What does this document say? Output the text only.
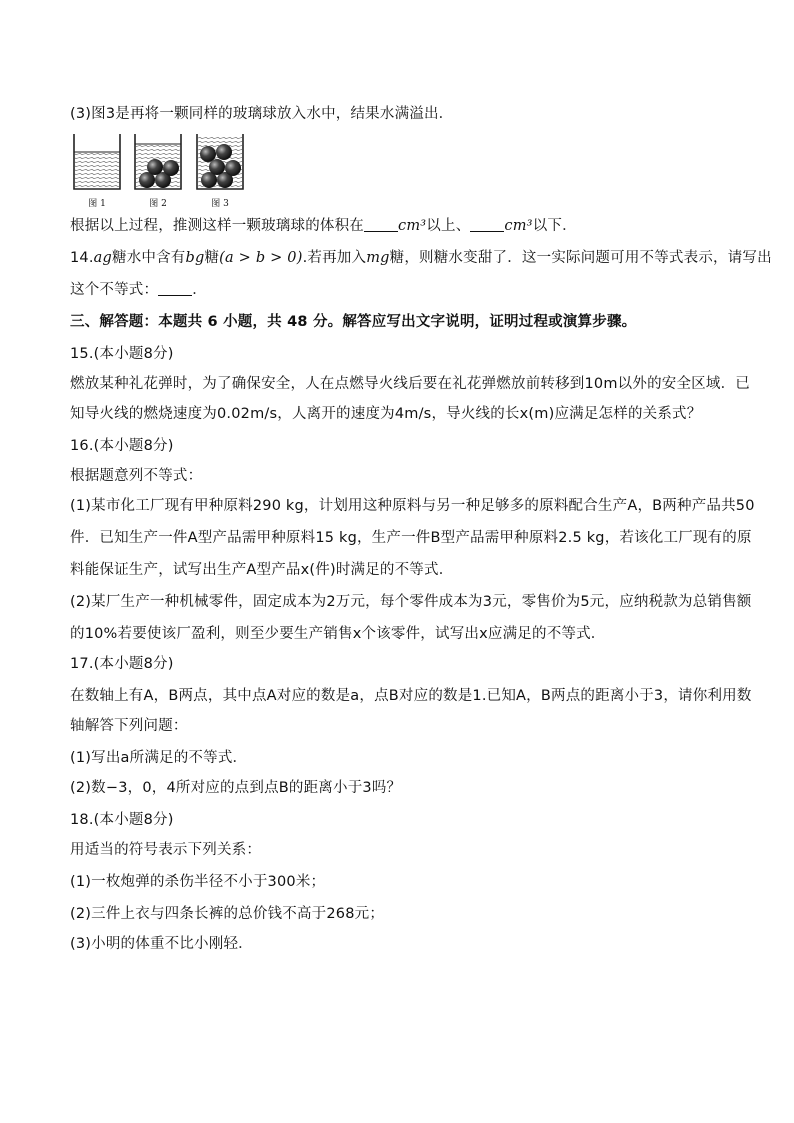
(3)图3是再将一颗同样的玻璃球放入水中，结果水满溢出．
图 1	图 2	图 3
根据以上过程，推测这样一颗玻璃球的体积在 cm³以上、 cm³以下．
14.ag糖水中含有bg糖(a > b > 0).若再加入mg糖，则糖水变甜了．这一实际问题可用不等式表示，请写出
这个不等式： ．
三、解答题：本题共 6 小题，共 48 分。解答应写出文字说明，证明过程或演算步骤。
15.(本小题8分)
燃放某种礼花弹时，为了确保安全，人在点燃导火线后要在礼花弹燃放前转移到10m以外的安全区域．已
知导火线的燃烧速度为0.02m/s，人离开的速度为4m/s，导火线的长x(m)应满足怎样的关系式？
16.(本小题8分)
根据题意列不等式：
(1)某市化工厂现有甲种原料290 kg，计划用这种原料与另一种足够多的原料配合生产A，B两种产品共50
件．已知生产一件A型产品需甲种原料15 kg，生产一件B型产品需甲种原料2.5 kg，若该化工厂现有的原
料能保证生产，试写出生产A型产品x(件)时满足的不等式．
(2)某厂生产一种机械零件，固定成本为2万元，每个零件成本为3元，零售价为5元，应纳税款为总销售额
的10%若要使该厂盈利，则至少要生产销售x个该零件，试写出x应满足的不等式．
17.(本小题8分)
在数轴上有A，B两点，其中点A对应的数是a，点B对应的数是1.已知A，B两点的距离小于3，请你利用数
轴解答下列问题：
(1)写出a所满足的不等式．
(2)数−3，0，4所对应的点到点B的距离小于3吗？
18.(本小题8分)
用适当的符号表示下列关系：
(1)一枚炮弹的杀伤半径不小于300米；
(2)三件上衣与四条长裤的总价钱不高于268元；
(3)小明的体重不比小刚轻．
